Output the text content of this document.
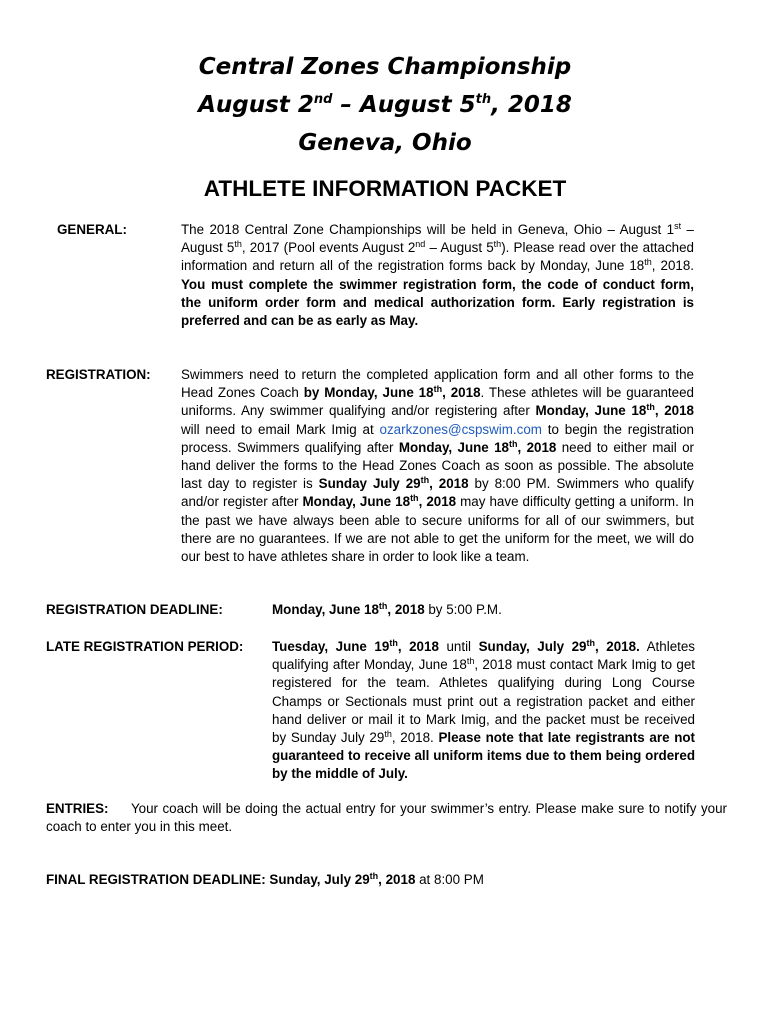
Central Zones Championship
August 2nd – August 5th, 2018
Geneva, Ohio
ATHLETE INFORMATION PACKET
GENERAL:	The 2018 Central Zone Championships will be held in Geneva, Ohio – August 1st – August 5th, 2017 (Pool events August 2nd – August 5th). Please read over the attached information and return all of the registration forms back by Monday, June 18th, 2018. You must complete the swimmer registration form, the code of conduct form, the uniform order form and medical authorization form. Early registration is preferred and can be as early as May.
REGISTRATION: Swimmers need to return the completed application form and all other forms to the Head Zones Coach by Monday, June 18th, 2018. These athletes will be guaranteed uniforms. Any swimmer qualifying and/or registering after Monday, June 18th, 2018 will need to email Mark Imig at ozarkzones@cspswim.com to begin the registration process. Swimmers qualifying after Monday, June 18th, 2018 need to either mail or hand deliver the forms to the Head Zones Coach as soon as possible. The absolute last day to register is Sunday July 29th, 2018 by 8:00 PM. Swimmers who qualify and/or register after Monday, June 18th, 2018 may have difficulty getting a uniform. In the past we have always been able to secure uniforms for all of our swimmers, but there are no guarantees. If we are not able to get the uniform for the meet, we will do our best to have athletes share in order to look like a team.
REGISTRATION DEADLINE:	Monday, June 18th, 2018 by 5:00 P.M.
LATE REGISTRATION PERIOD: Tuesday, June 19th, 2018 until Sunday, July 29th, 2018. Athletes qualifying after Monday, June 18th, 2018 must contact Mark Imig to get registered for the team. Athletes qualifying during Long Course Champs or Sectionals must print out a registration packet and either hand deliver or mail it to Mark Imig, and the packet must be received by Sunday July 29th, 2018. Please note that late registrants are not guaranteed to receive all uniform items due to them being ordered by the middle of July.
ENTRIES: Your coach will be doing the actual entry for your swimmer’s entry. Please make sure to notify your coach to enter you in this meet.
FINAL REGISTRATION DEADLINE: Sunday, July 29th, 2018 at 8:00 PM
